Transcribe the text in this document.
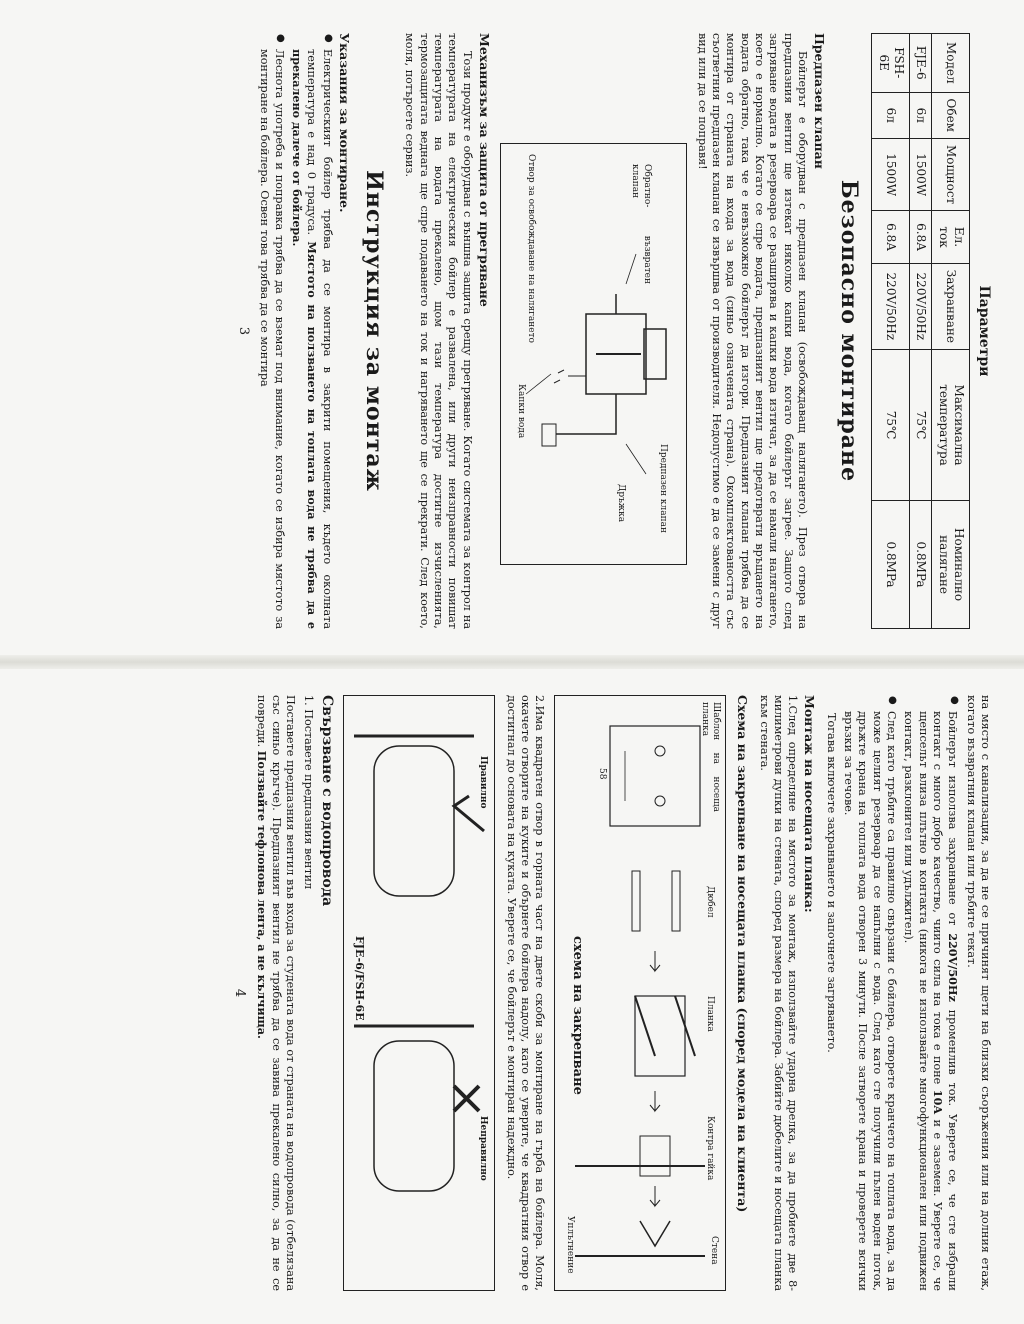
Параметри
Модел	Обем	Мощност	Ел. ток	Захранване	Максимална температура	Номинално налягане
FJE-6	6л	1500W	6.8A	220V/50Hz	75℃	0.8MPa
FSH-6E	6л	1500W	6.8A	220V/50Hz	75℃	0.8MPa
Безопасно монтиране
Предпазен клапан

Бойлерът е оборудван с предпазен клапан (освобождаващ налягането). През отвора на предпазния вентил ще изтекат няколко капки вода, когато бойлерът загрее. Защото след загряване водата в резервоара се разширява и капки вода изтичат, за да се намали налягането, което е нормално. Когато се спре водата, предпазният вентил ще предотврати връщането на водата обратно, така че е невъзможно бойлерът да изгори. Предпазният клапан трябва да се монтира от страната на входа за вода (синьо означената страна). Окомплектоваността със съответния предпазен клапан се извършва от производителя. Недопустимо е да се замени с друг вид или да се поправя!

Предпазен клапан
Дръжка
Обратно- възвратен клапан
Капки вода
Отвор за освобождаване на налягането
Механизъм за защита от прегряване

Този продукт е оборудван с външна защита срещу прегряване. Когато системата за контрол на температурата на електрическия бойлер е развалена, или други неизправности повишат температурата на водата прекалено, щом тази температура достигне изчисленията, термозащитата веднага ще спре подаването на ток и нагряването ще се прекрати. След което, моля, потърсете сервиз.

Инструкция за монтаж
Указания за монтиране.
● Електрическият бойлер трябва да се монтира в закрити помещения, където околната температура е над 0 градуса. Мястото на ползването на топлата вода не трябва да е прекалено далече от бойлера.
● Леснота употреба и поправка трябва да се вземат под внимание, когато се избира мястото за монтиране на бойлера. Освен това трябва да се монтира
3

на място с канализация, за да не се причинят щети на близки съоръжения или на долния етаж, когато възвратния клапан или тръбите текат.

● Бойлерът използва захранване от 220V/50Hz променлив ток. Уверете се, че сте избрали контакт с много добро качество, чиито сила на тока е поне 10A и е заземен. Уверете се, че щепсельт влиза плътно в контакта (никога не използвайте многофункционален или подвижен контакт, разклонител или удължител).
● След като тръбите са правилно свързани с бойлера, отворете кранчето на топлата вода, за да може целият резервоар да се напълни с вода. След като сте получили пълен воден поток, дръжте крана на топлата вода отворен 3 минути. После затворете крана и проверете всички връзки за течове.

Тогава включете захранването и започнете загряването.

Монтаж на носещата планка:

1.След определяне на мястото за монтаж, използвайте ударна дрелка, за да пробиете две 8-милиметрови дупки на стената, според размера на бойлера. Забийте дюбелите и носещата планка към стената.

Схема на закрепване на носещата планка (според модела на клиента)
Шаблон на носеща планка
Дюбел
Планка
Контра гайка
Стена
Уплътнение
58
схема на закрепване

2.Има квадратен отвор в горната част на двете скоби за монтиране на гърба на бойлера. Моля, окачете отворите на куките и обърнете бойлера надолу, като се уверите, че квадратния отвор е достигнал до основата на куката. Уверете се, че бойлерът е монтиран надеждно.

Правилно
Неправилно
FJE-6/FSH-6E
Свързване с водопровода

1. Поставете предпазния вентил

Поставете предпазния вентил във входа за студената вода от страната на водопровода (отбелязана със синьо кръгче). Предпазният вентил не трябва да се завива прекалено силно, за да не се повреди. Ползвайте тефлонова лента, а не кълчища.

4
